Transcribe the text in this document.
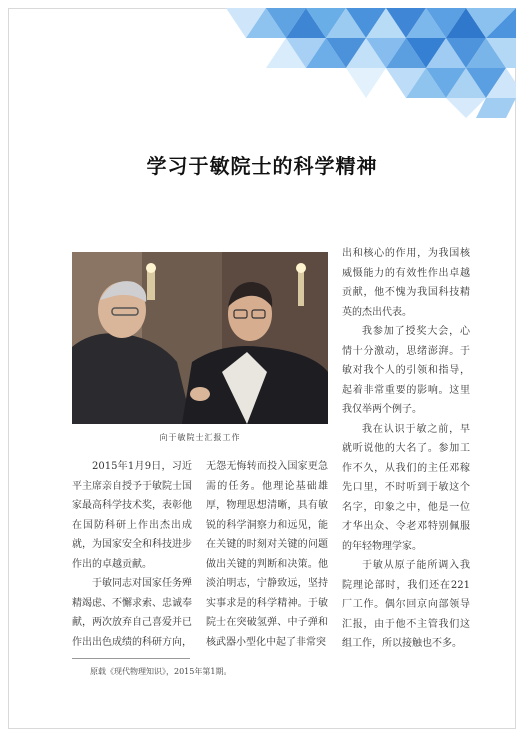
学习于敏院士的科学精神
向于敏院士汇报工作

2015年1月9日，习近平主席亲自授予于敏院士国家最高科学技术奖，表彰他在国防科研上作出杰出成就，为国家安全和科技进步作出的卓越贡献。

于敏同志对国家任务殚精竭虑、不懈求索、忠诚奉献，两次放弃自己喜爱并已作出出色成绩的科研方向，

无怨无悔转而投入国家更急需的任务。他理论基础雄厚，物理思想清晰，具有敏锐的科学洞察力和远见，能在关键的时刻对关键的问题做出关键的判断和决策。他淡泊明志，宁静致远，坚持实事求是的科学精神。于敏院士在突破氢弹、中子弹和核武器小型化中起了非常突

出和核心的作用，为我国核威慑能力的有效性作出卓越贡献，他不愧为我国科技精英的杰出代表。

我参加了授奖大会，心情十分激动，思绪澎湃。于敏对我个人的引领和指导，起着非常重要的影响。这里我仅举两个例子。

我在认识于敏之前，早就听说他的大名了。参加工作不久，从我们的主任邓稼先口里，不时听到于敏这个名字，印象之中，他是一位才华出众、令老邓特别佩服的年轻物理学家。

于敏从原子能所调入我院理论部时，我们还在221厂工作。偶尔回京向部领导汇报，由于他不主管我们这组工作，所以接触也不多。

原载《现代物理知识》，2015年第1期。
